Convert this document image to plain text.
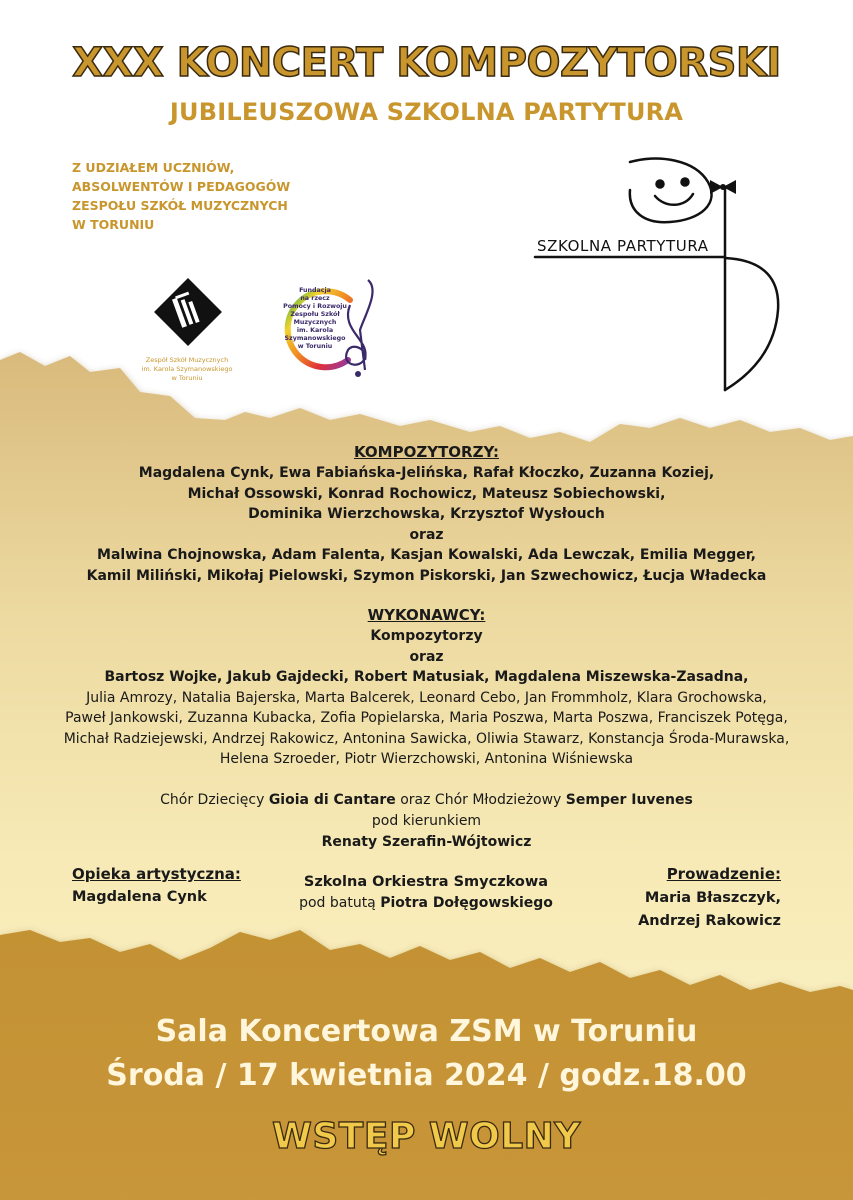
XXX KONCERT KOMPOZYTORSKI
JUBILEUSZOWA SZKOLNA PARTYTURA
Z UDZIAŁEM UCZNIÓW,
ABSOLWENTÓW I PEDAGOGÓW
ZESPOŁU SZKÓŁ MUZYCZNYCH
W TORUNIU
Zespół Szkół Muzycznych
im. Karola Szymanowskiego
w Toruniu
Fundacja
na rzecz
Pomocy i Rozwoju
Zespołu Szkół
Muzycznych
im. Karola
Szymanowskiego
w Toruniu
SZKOLNA PARTYTURA
KOMPOZYTORZY:
Magdalena Cynk, Ewa Fabiańska-Jelińska, Rafał Kłoczko, Zuzanna Koziej,
Michał Ossowski, Konrad Rochowicz, Mateusz Sobiechowski,
Dominika Wierzchowska, Krzysztof Wysłouch
oraz
Malwina Chojnowska, Adam Falenta, Kasjan Kowalski, Ada Lewczak, Emilia Megger,
Kamil Miliński, Mikołaj Pielowski, Szymon Piskorski, Jan Szwechowicz, Łucja Władecka
WYKONAWCY:
Kompozytorzy
oraz
Bartosz Wojke, Jakub Gajdecki, Robert Matusiak, Magdalena Miszewska-Zasadna,
Julia Amrozy, Natalia Bajerska, Marta Balcerek, Leonard Cebo, Jan Frommholz, Klara Grochowska,
Paweł Jankowski, Zuzanna Kubacka, Zofia Popielarska, Maria Poszwa, Marta Poszwa, Franciszek Potęga,
Michał Radziejewski, Andrzej Rakowicz, Antonina Sawicka, Oliwia Stawarz, Konstancja Środa-Murawska,
Helena Szroeder, Piotr Wierzchowski, Antonina Wiśniewska
Chór Dziecięcy Gioia di Cantare oraz Chór Młodzieżowy Semper Iuvenes
pod kierunkiem
Renaty Szerafin-Wójtowicz
Opieka artystyczna:
Magdalena Cynk
Szkolna Orkiestra Smyczkowa
pod batutą Piotra Dołęgowskiego
Prowadzenie:
Maria Błaszczyk,
Andrzej Rakowicz
Sala Koncertowa ZSM w Toruniu
Środa / 17 kwietnia 2024 / godz.18.00
WSTĘP WOLNY
